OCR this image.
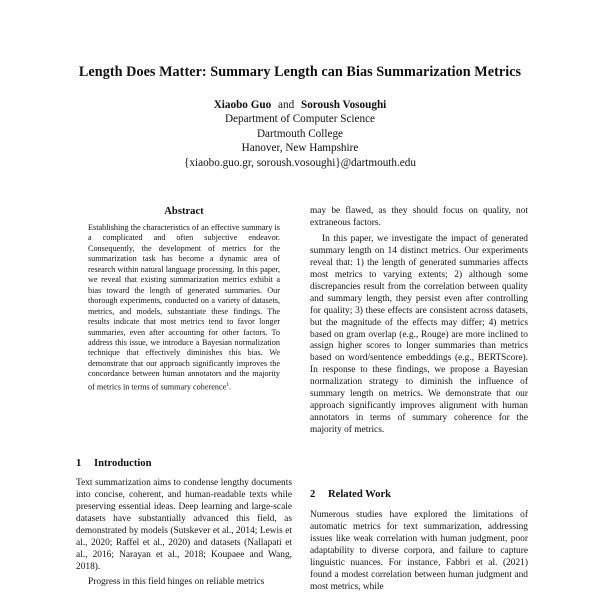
Length Does Matter: Summary Length can Bias Summarization Metrics
Xiaobo Guo and Soroush Vosoughi
Department of Computer Science
Dartmouth College
Hanover, New Hampshire
{xiaobo.guo.gr, soroush.vosoughi}@dartmouth.edu
Abstract
Establishing the characteristics of an effective summary is a complicated and often subjective endeavor. Consequently, the development of metrics for the summarization task has become a dynamic area of research within natural language processing. In this paper, we reveal that existing summarization metrics exhibit a bias toward the length of generated summaries. Our thorough experiments, conducted on a variety of datasets, metrics, and models, substantiate these findings. The results indicate that most metrics tend to favor longer summaries, even after accounting for other factors. To address this issue, we introduce a Bayesian normalization technique that effectively diminishes this bias. We demonstrate that our approach significantly improves the concordance between human annotators and the majority of metrics in terms of summary coherence$^1$.
1 Introduction

Text summarization aims to condense lengthy documents into concise, coherent, and human-readable texts while preserving essential ideas. Deep learning and large-scale datasets have substantially advanced this field, as demonstrated by models (Sutskever et al., 2014; Lewis et al., 2020; Raffel et al., 2020) and datasets (Nallapati et al., 2016; Narayan et al., 2018; Koupaee and Wang, 2018).

Progress in this field hinges on reliable metrics

may be flawed, as they should focus on quality, not extraneous factors.

In this paper, we investigate the impact of generated summary length on 14 distinct metrics. Our experiments reveal that: 1) the length of generated summaries affects most metrics to varying extents; 2) although some discrepancies result from the correlation between quality and summary length, they persist even after controlling for quality; 3) these effects are consistent across datasets, but the magnitude of the effects may differ; 4) metrics based on gram overlap (e.g., Rouge) are more inclined to assign higher scores to longer summaries than metrics based on word/sentence embeddings (e.g., BERTScore). In response to these findings, we propose a Bayesian normalization strategy to diminish the influence of summary length on metrics. We demonstrate that our approach significantly improves alignment with human annotators in terms of summary coherence for the majority of metrics.

2 Related Work

Numerous studies have explored the limitations of automatic metrics for text summarization, addressing issues like weak correlation with human judgment, poor adaptability to diverse corpora, and failure to capture linguistic nuances. For instance, Fabbri et al. (2021) found a modest correlation between human judgment and most metrics, while
